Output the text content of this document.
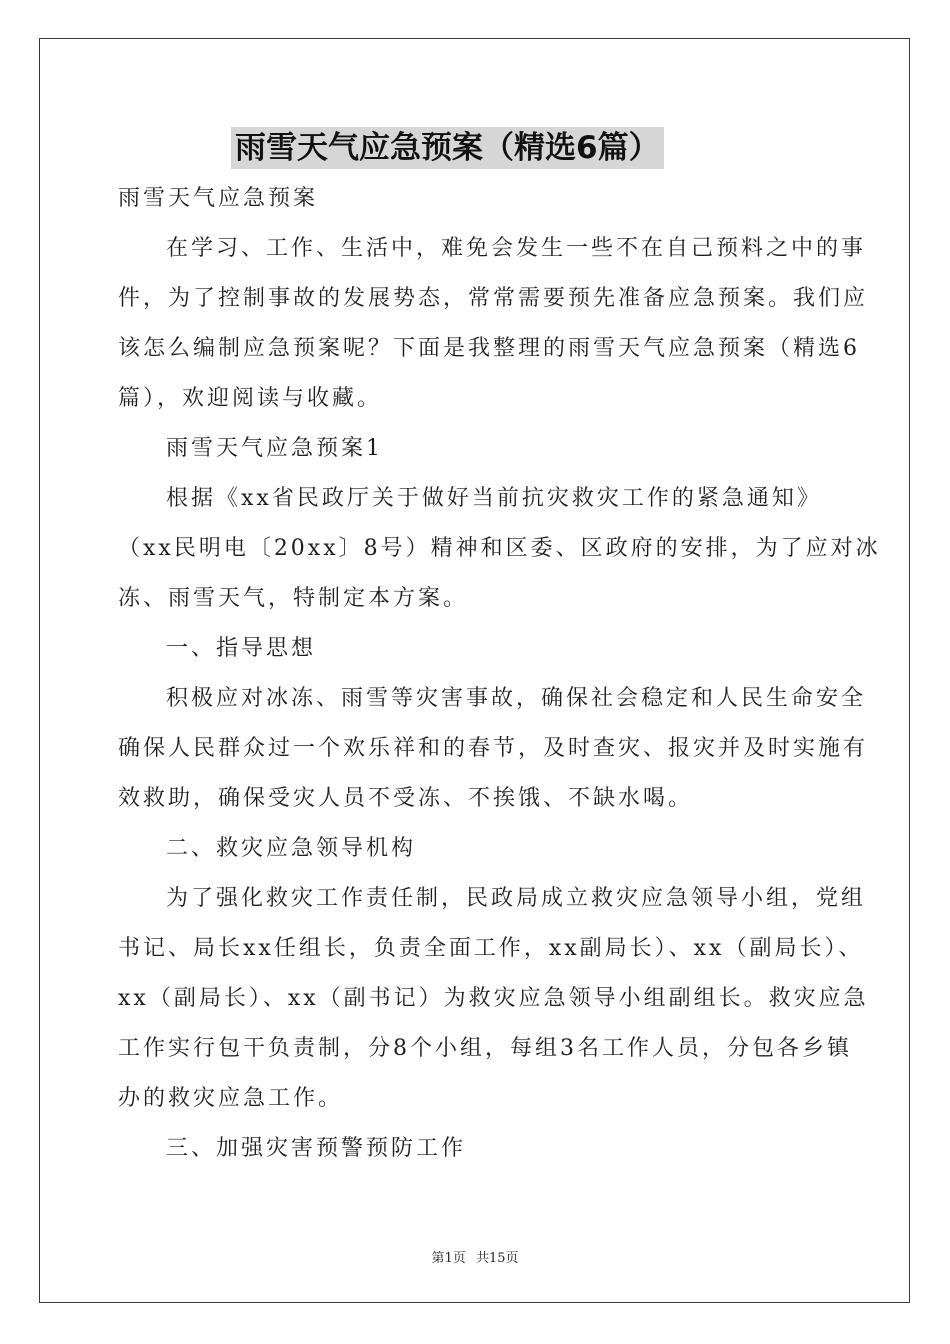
雨雪天气应急预案（精选6篇）
雨雪天气应急预案
在学习、工作、生活中，难免会发生一些不在自己预料之中的事
件，为了控制事故的发展势态，常常需要预先准备应急预案。我们应
该怎么编制应急预案呢？下面是我整理的雨雪天气应急预案（精选6
篇），欢迎阅读与收藏。
雨雪天气应急预案1
根据《xx省民政厅关于做好当前抗灾救灾工作的紧急通知》
（xx民明电〔20xx〕8号）精神和区委、区政府的安排，为了应对冰
冻、雨雪天气，特制定本方案。
一、指导思想
积极应对冰冻、雨雪等灾害事故，确保社会稳定和人民生命安全
确保人民群众过一个欢乐祥和的春节，及时查灾、报灾并及时实施有
效救助，确保受灾人员不受冻、不挨饿、不缺水喝。
二、救灾应急领导机构
为了强化救灾工作责任制，民政局成立救灾应急领导小组，党组
书记、局长xx任组长，负责全面工作，xx副局长）、xx（副局长）、
xx（副局长）、xx（副书记）为救灾应急领导小组副组长。救灾应急
工作实行包干负责制，分8个小组，每组3名工作人员，分包各乡镇
办的救灾应急工作。
三、加强灾害预警预防工作
第1页 共15页
